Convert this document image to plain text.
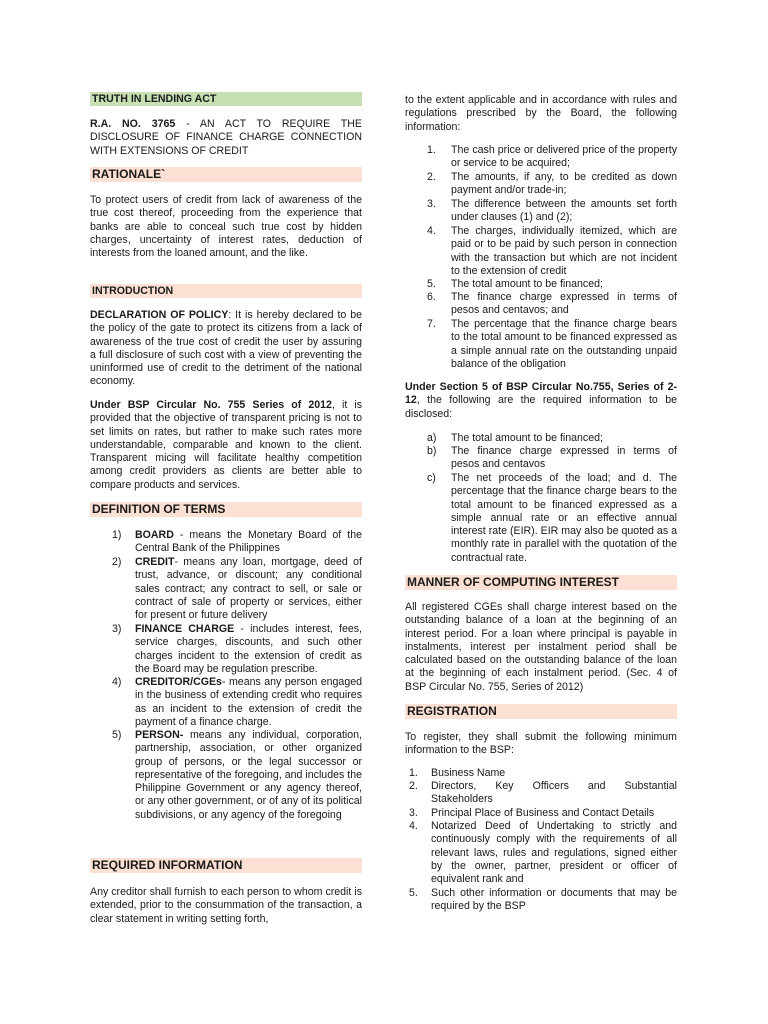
TRUTH IN LENDING ACT

R.A. NO. 3765 - AN ACT TO REQUIRE THE DISCLOSURE OF FINANCE CHARGE CONNECTION WITH EXTENSIONS OF CREDIT

RATIONALE`

To protect users of credit from lack of awareness of the true cost thereof, proceeding from the experience that banks are able to conceal such true cost by hidden charges, uncertainty of interest rates, deduction of interests from the loaned amount, and the like.

INTRODUCTION

DECLARATION OF POLICY: It is hereby declared to be the policy of the gate to protect its citizens from a lack of awareness of the true cost of credit the user by assuring a full disclosure of such cost with a view of preventing the uninformed use of credit to the detriment of the national economy.

Under BSP Circular No. 755 Series of 2012, it is provided that the objective of transparent pricing is not to set limits on rates, but rather to make such rates more understandable, comparable and known to the client. Transparent micing will facilitate healthy competition among credit providers as clients are better able to compare products and services.

DEFINITION OF TERMS
1) BOARD - means the Monetary Board of the Central Bank of the Philippines
2) CREDIT- means any loan, mortgage, deed of trust, advance, or discount; any conditional sales contract; any contract to sell, or sale or contract of sale of property or services, either for present or future delivery
3) FINANCE CHARGE - includes interest, fees, service charges, discounts, and such other charges incident to the extension of credit as the Board may be regulation prescribe.
4) CREDITOR/CGEs- means any person engaged in the business of extending credit who requires as an incident to the extension of credit the payment of a finance charge.
5) PERSON- means any individual, corporation, partnership, association, or other organized group of persons, or the legal successor or representative of the foregoing, and includes the Philippine Government or any agency thereof, or any other government, or of any of its political subdivisions, or any agency of the foregoing
REQUIRED INFORMATION

Any creditor shall furnish to each person to whom credit is extended, prior to the consummation of the transaction, a clear statement in writing setting forth,

to the extent applicable and in accordance with rules and regulations prescribed by the Board, the following information:

1. The cash price or delivered price of the property or service to be acquired;
2. The amounts, if any, to be credited as down payment and/or trade-in;
3. The difference between the amounts set forth under clauses (1) and (2);
4. The charges, individually itemized, which are paid or to be paid by such person in connection with the transaction but which are not incident to the extension of credit
5. The total amount to be financed;
6. The finance charge expressed in terms of pesos and centavos; and
7. The percentage that the finance charge bears to the total amount to be financed expressed as a simple annual rate on the outstanding unpaid balance of the obligation

Under Section 5 of BSP Circular No.755, Series of 2-12, the following are the required information to be disclosed:

a) The total amount to be financed;
b) The finance charge expressed in terms of pesos and centavos
c) The net proceeds of the load; and d. The percentage that the finance charge bears to the total amount to be financed expressed as a simple annual rate or an effective annual interest rate (EIR). EIR may also be quoted as a monthly rate in parallel with the quotation of the contractual rate.
MANNER OF COMPUTING INTEREST

All registered CGEs shall charge interest based on the outstanding balance of a loan at the beginning of an interest period. For a loan where principal is payable in instalments, interest per instalment period shall be calculated based on the outstanding balance of the loan at the beginning of each instalment period. (Sec. 4 of BSP Circular No. 755, Series of 2012)

REGISTRATION

To register, they shall submit the following minimum information to the BSP:

1. Business Name
2. Directors, Key Officers and Substantial Stakeholders
3. Principal Place of Business and Contact Details
4. Notarized Deed of Undertaking to strictly and continuously comply with the requirements of all relevant laws, rules and regulations, signed either by the owner, partner, president or officer of equivalent rank and
5. Such other information or documents that may be required by the BSP
